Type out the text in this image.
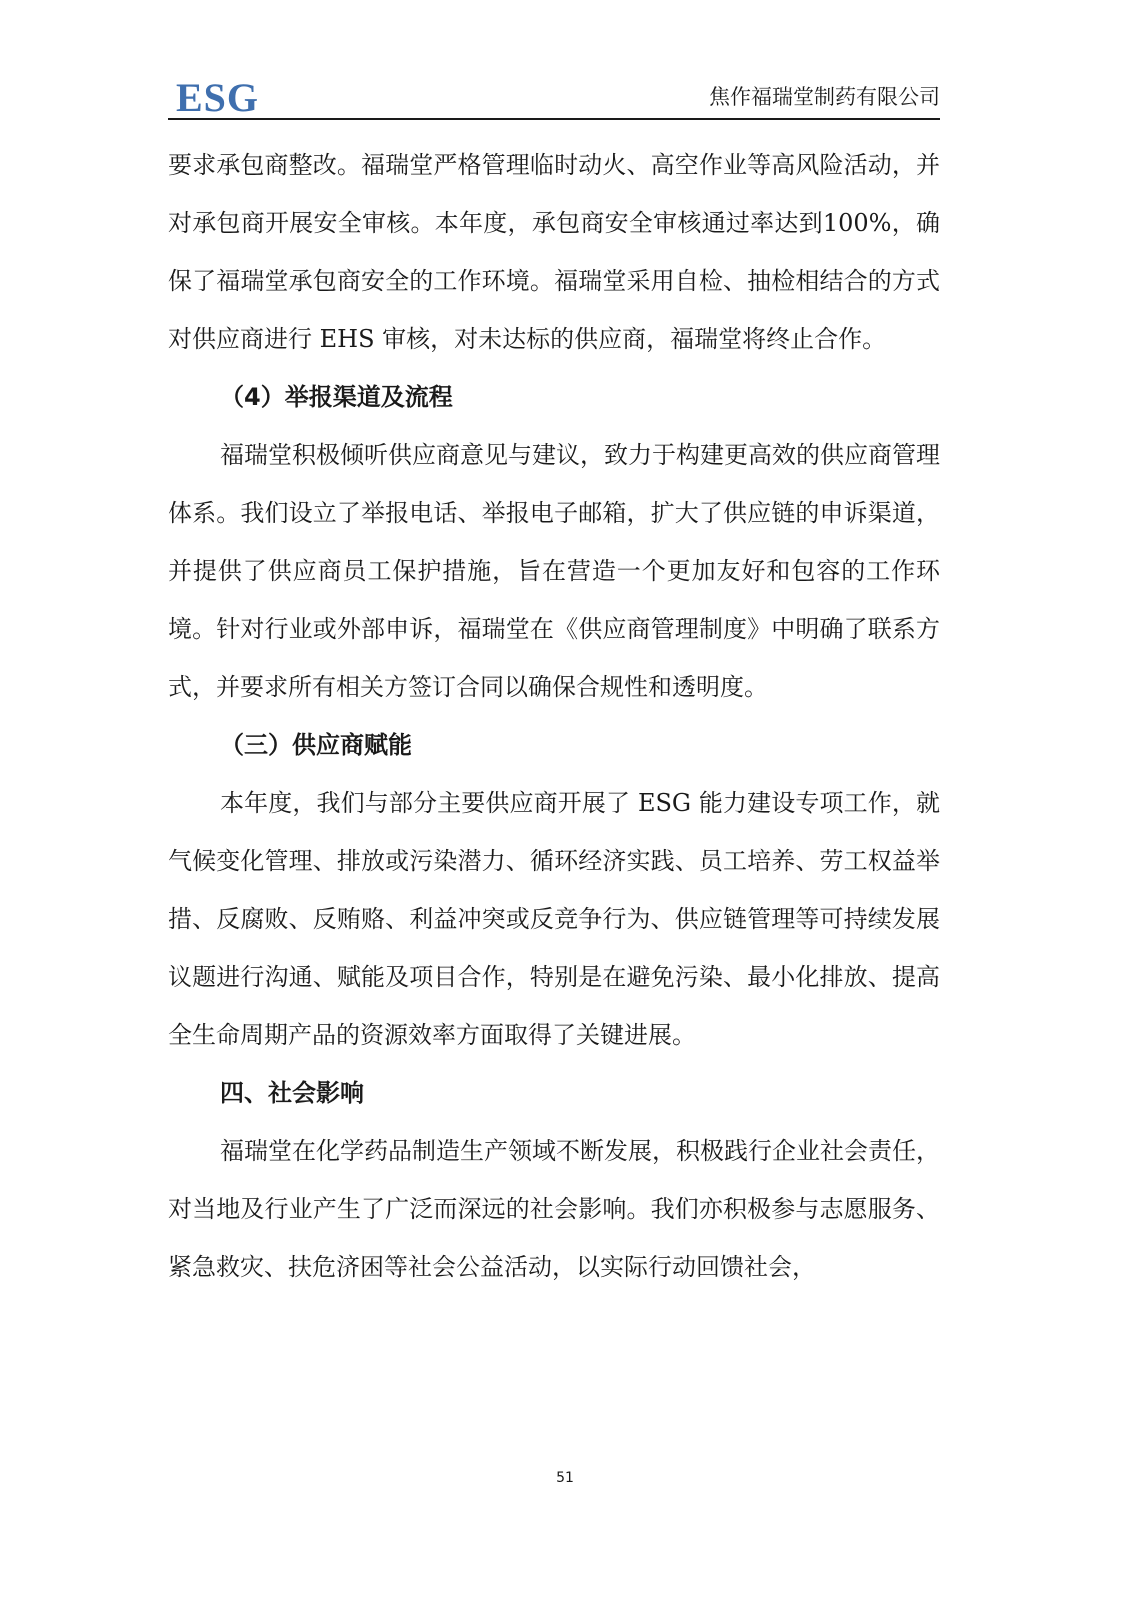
ESG	焦作福瑞堂制药有限公司

要求承包商整改。福瑞堂严格管理临时动火、高空作业等高风险活动，并对承包商开展安全审核。本年度，承包商安全审核通过率达到100%，确保了福瑞堂承包商安全的工作环境。福瑞堂采用自检、抽检相结合的方式对供应商进行 EHS 审核，对未达标的供应商，福瑞堂将终止合作。

（4）举报渠道及流程

福瑞堂积极倾听供应商意见与建议，致力于构建更高效的供应商管理体系。我们设立了举报电话、举报电子邮箱，扩大了供应链的申诉渠道，并提供了供应商员工保护措施，旨在营造一个更加友好和包容的工作环境。针对行业或外部申诉，福瑞堂在《供应商管理制度》中明确了联系方式，并要求所有相关方签订合同以确保合规性和透明度。

（三）供应商赋能

本年度，我们与部分主要供应商开展了 ESG 能力建设专项工作，就气候变化管理、排放或污染潜力、循环经济实践、员工培养、劳工权益举措、反腐败、反贿赂、利益冲突或反竞争行为、供应链管理等可持续发展议题进行沟通、赋能及项目合作，特别是在避免污染、最小化排放、提高全生命周期产品的资源效率方面取得了关键进展。

四、社会影响

福瑞堂在化学药品制造生产领域不断发展，积极践行企业社会责任，对当地及行业产生了广泛而深远的社会影响。我们亦积极参与志愿服务、紧急救灾、扶危济困等社会公益活动，以实际行动回馈社会，

51
